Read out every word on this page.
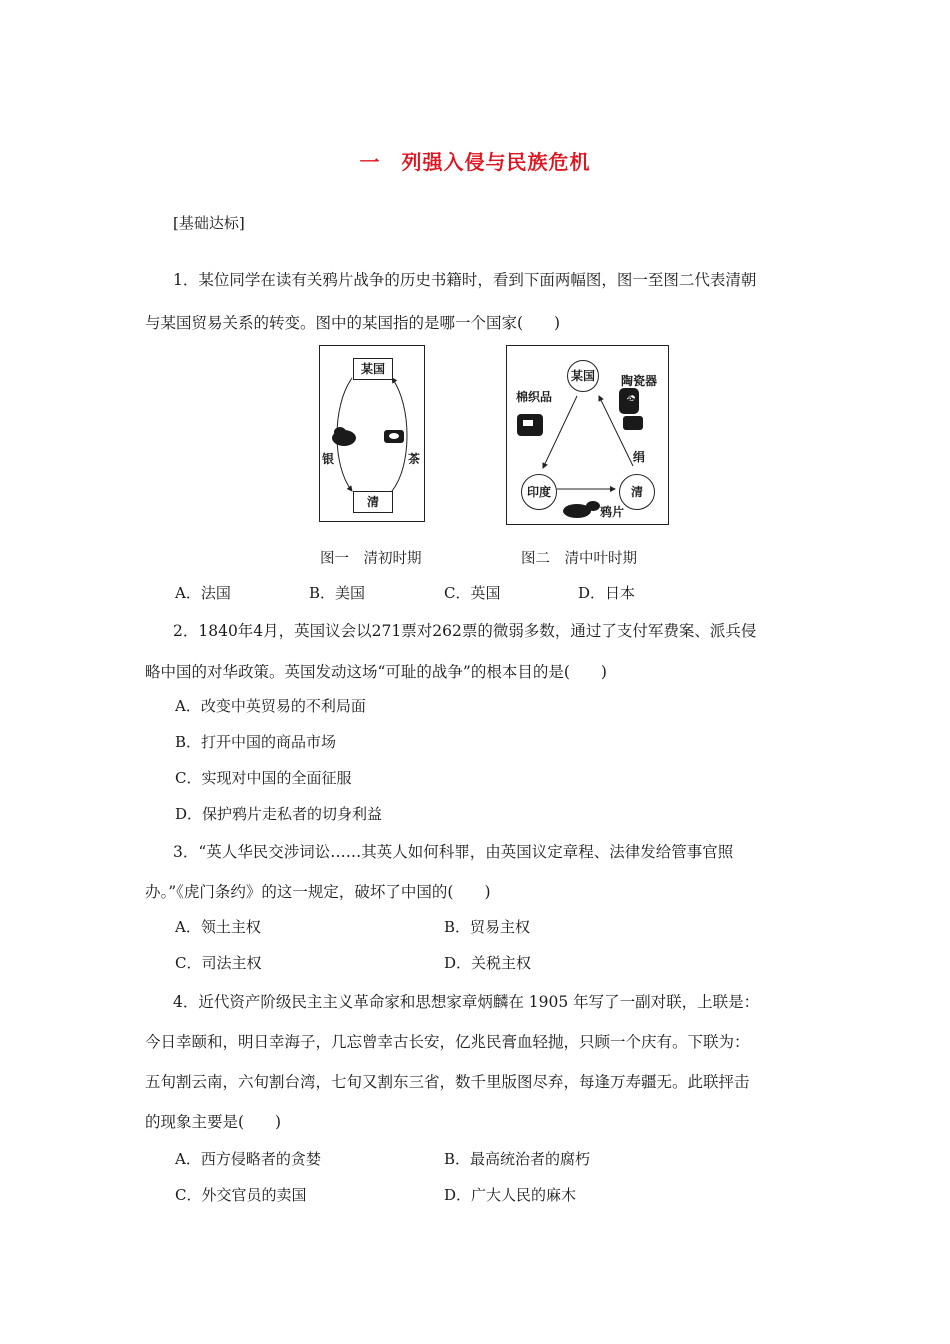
一　列强入侵与民族危机
[基础达标]
1．某位同学在读有关鸦片战争的历史书籍时，看到下面两幅图，图一至图二代表清朝
与某国贸易关系的转变。图中的某国指的是哪一个国家(　　)
某国
清
银	茶
某国
印度	清
棉织品
陶瓷器
茶
绢
鸦片
图一　清初时期	图二　清中叶时期
A．法国	B．美国	C．英国	D．日本
2．1840年4月，英国议会以271票对262票的微弱多数，通过了支付军费案、派兵侵
略中国的对华政策。英国发动这场“可耻的战争”的根本目的是(　　)
A．改变中英贸易的不利局面
B．打开中国的商品市场
C．实现对中国的全面征服
D．保护鸦片走私者的切身利益
3．“英人华民交涉词讼……其英人如何科罪，由英国议定章程、法律发给管事官照
办。”《虎门条约》的这一规定，破坏了中国的(　　)
A．领土主权	B．贸易主权
C．司法主权	D．关税主权
4．近代资产阶级民主主义革命家和思想家章炳麟在 1905 年写了一副对联，上联是：
今日幸颐和，明日幸海子，几忘曾幸古长安，亿兆民膏血轻抛，只顾一个庆有。下联为：
五旬割云南，六旬割台湾，七旬又割东三省，数千里版图尽弃，每逢万寿疆无。此联抨击
的现象主要是(　　)
A．西方侵略者的贪婪	B．最高统治者的腐朽
C．外交官员的卖国	D．广大人民的麻木
